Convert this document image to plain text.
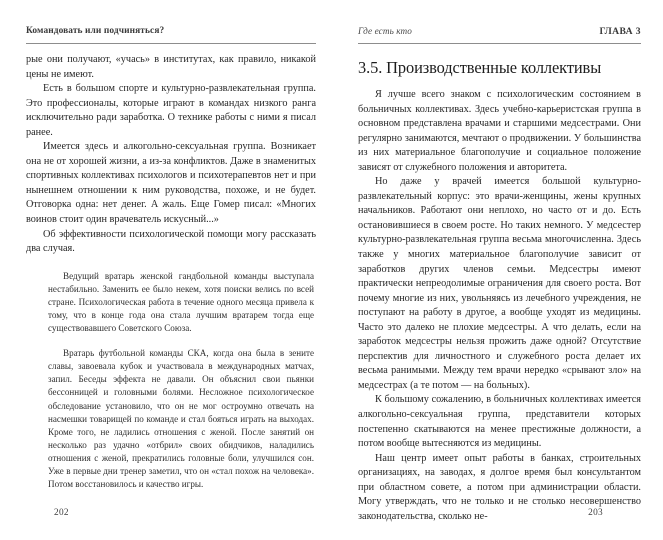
Командовать или подчиняться?

рые они получают, «учась» в институтах, как правило, никакой цены не имеют.

Есть в большом спорте и культурно-развлекательная группа. Это профессионалы, которые играют в командах низкого ранга исключительно ради заработка. О технике работы с ними я писал ранее.

Имеется здесь и алкогольно-сексуальная группа. Возникает она не от хорошей жизни, а из-за конфликтов. Даже в знаменитых спортивных коллективах психологов и психотерапевтов нет и при нынешнем отношении к ним руководства, похоже, и не будет. Отговорка одна: нет денег. А жаль. Еще Гомер писал: «Многих воинов стоит один врачеватель искусный...»

Об эффективности психологической помощи могу рассказать два случая.

Ведущий вратарь женской гандбольной команды выступала нестабильно. Заменить ее было некем, хотя поиски велись по всей стране. Психологическая работа в течение одного месяца привела к тому, что в конце года она стала лучшим вратарем тогда еще существовавшего Советского Союза.

Вратарь футбольной команды СКА, когда она была в зените славы, завоевала кубок и участвовала в международных матчах, запил. Беседы эффекта не давали. Он объяснил свои пьянки бессонницей и головными болями. Несложное психологическое обследование установило, что он не мог остроумно отвечать на насмешки товарищей по команде и стал бояться играть на выходах. Кроме того, не ладились отношения с женой. После занятий он несколько раз удачно «отбрил» своих обидчиков, наладились отношения с женой, прекратились головные боли, улучшился сон. Уже в первые дни тренер заметил, что он «стал похож на человека». Потом восстановилось и качество игры.

202
Где есть кто	ГЛАВА 3
3.5. Производственные коллективы

Я лучше всего знаком с психологическим состоянием в больничных коллективах. Здесь учебно-карьеристская группа в основном представлена врачами и старшими медсестрами. Они регулярно занимаются, мечтают о продвижении. У большинства из них материальное благополучие и социальное положение зависят от служебного положения и авторитета.

Но даже у врачей имеется большой культурно-развлекательный корпус: это врачи-женщины, жены крупных начальников. Работают они неплохо, но часто от и до. Есть остановившиеся в своем росте. Но таких немного. У медсестер культурно-развлекательная группа весьма многочисленна. Здесь также у многих материальное благополучие зависит от заработков других членов семьи. Медсестры имеют практически непреодолимые ограничения для своего роста. Вот почему многие из них, увольняясь из лечебного учреждения, не поступают на работу в другое, а вообще уходят из медицины. Часто это далеко не плохие медсестры. А что делать, если на заработок медсестры нельзя прожить даже одной? Отсутствие перспектив для личностного и служебного роста делает их весьма ранимыми. Между тем врачи нередко «срывают зло» на медсестрах (а те потом — на больных).

К большому сожалению, в больничных коллективах имеется алкогольно-сексуальная группа, представители которых постепенно скатываются на менее престижные должности, а потом вообще вытесняются из медицины.

Наш центр имеет опыт работы в банках, строительных организациях, на заводах, я долгое время был консультантом при областном совете, а потом при администрации области. Могу утверждать, что не только и не столько несовершенство законодательства, сколько не-	203
